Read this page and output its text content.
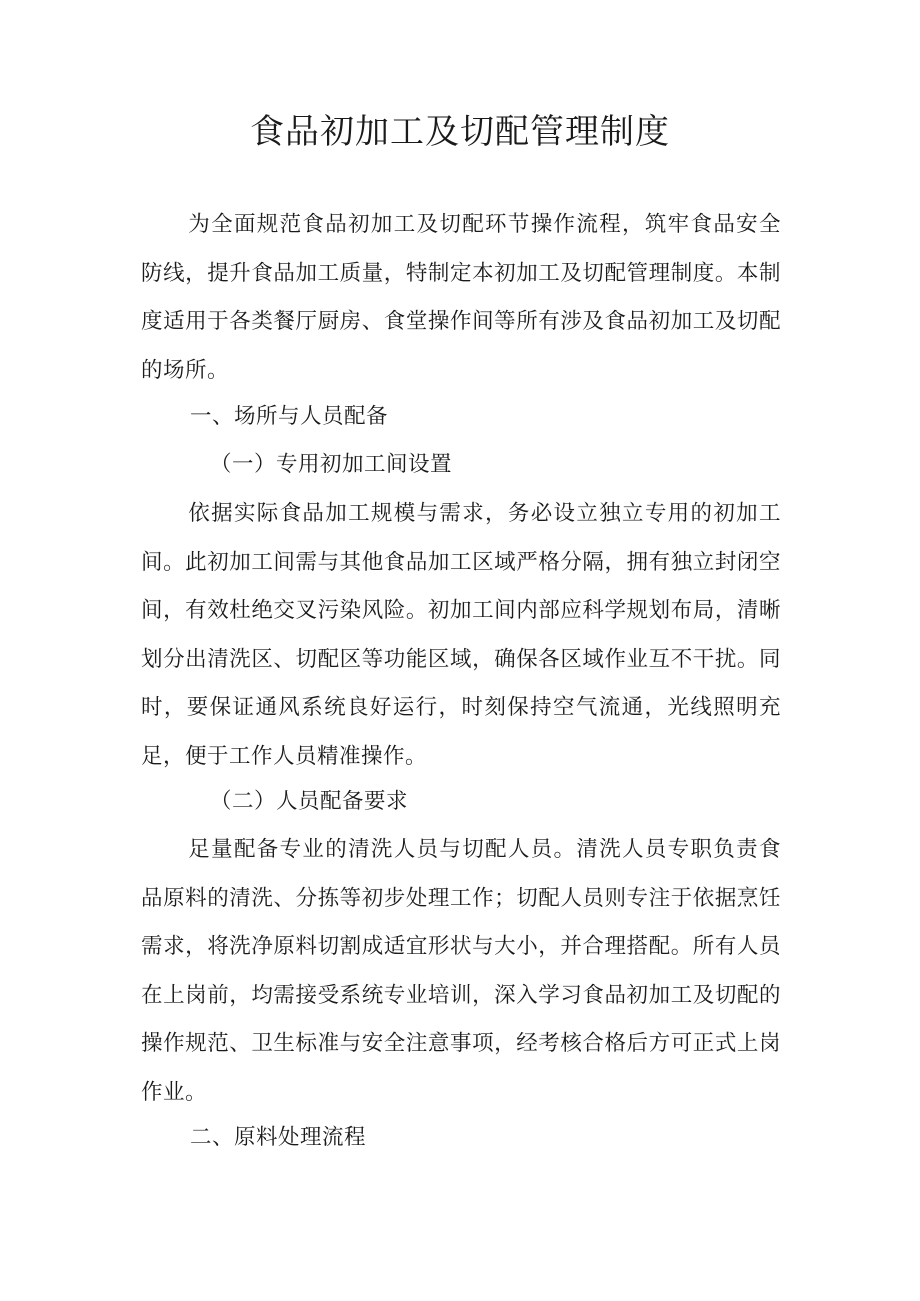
食品初加工及切配管理制度

为全面规范食品初加工及切配环节操作流程，筑牢食品安全防线，提升食品加工质量，特制定本初加工及切配管理制度。本制度适用于各类餐厅厨房、食堂操作间等所有涉及食品初加工及切配的场所。

一、场所与人员配备

（一）专用初加工间设置

依据实际食品加工规模与需求，务必设立独立专用的初加工间。此初加工间需与其他食品加工区域严格分隔，拥有独立封闭空间，有效杜绝交叉污染风险。初加工间内部应科学规划布局，清晰划分出清洗区、切配区等功能区域，确保各区域作业互不干扰。同时，要保证通风系统良好运行，时刻保持空气流通，光线照明充足，便于工作人员精准操作。

（二）人员配备要求

足量配备专业的清洗人员与切配人员。清洗人员专职负责食品原料的清洗、分拣等初步处理工作；切配人员则专注于依据烹饪需求，将洗净原料切割成适宜形状与大小，并合理搭配。所有人员在上岗前，均需接受系统专业培训，深入学习食品初加工及切配的操作规范、卫生标准与安全注意事项，经考核合格后方可正式上岗作业。

二、原料处理流程
